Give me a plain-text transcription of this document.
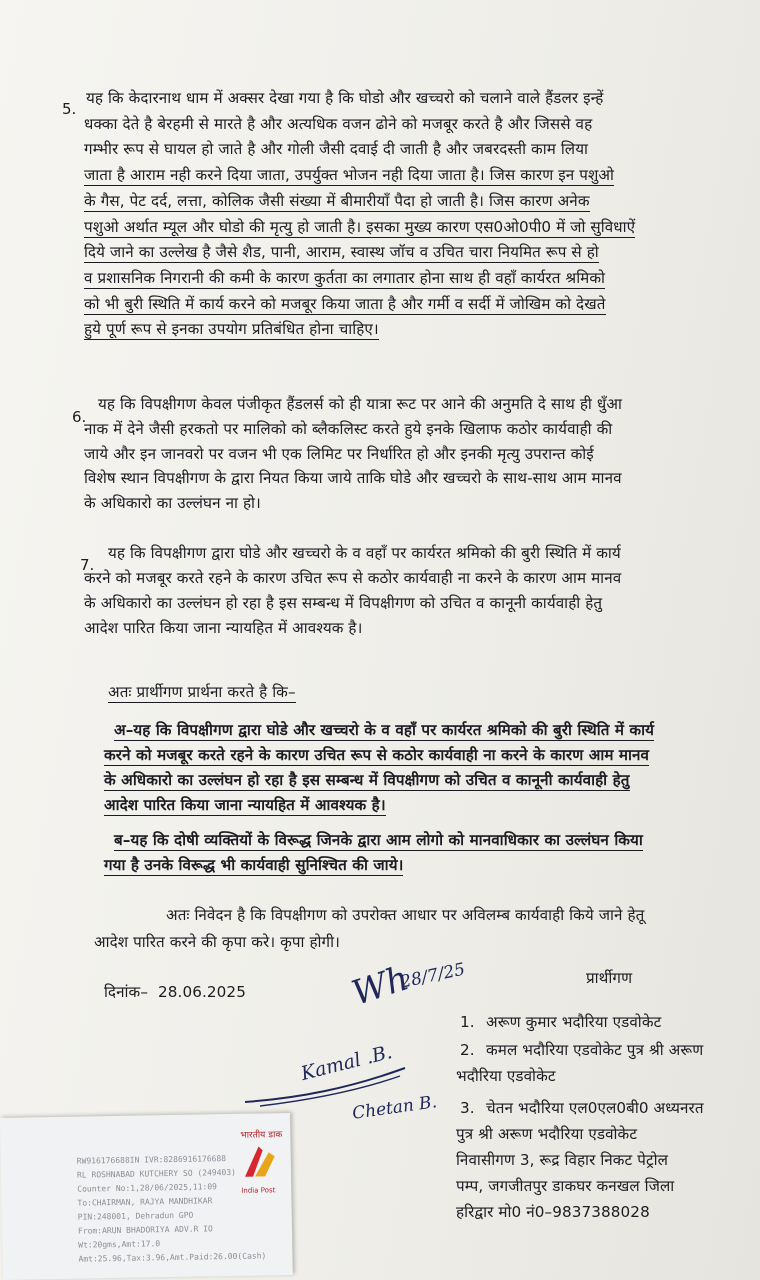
5.
यह कि केदारनाथ धाम में अक्सर देखा गया है कि घोडो और खच्चरो को चलाने वाले हैंडलर इन्हें
धक्का देते है बेरहमी से मारते है और अत्यधिक वजन ढोने को मजबूर करते है और जिससे वह
गम्भीर रूप से घायल हो जाते है और गोली जैसी दवाई दी जाती है और जबरदस्ती काम लिया
जाता है आराम नही करने दिया जाता, उपर्युक्त भोजन नही दिया जाता है। जिस कारण इन पशुओ
के गैस, पेट दर्द, लत्ता, कोलिक जैसी संख्या में बीमारीयाँ पैदा हो जाती है। जिस कारण अनेक
पशुओ अर्थात म्यूल और घोडो की मृत्यु हो जाती है। इसका मुख्य कारण एस0ओ0पी0 में जो सुविधाऐं
दिये जाने का उल्लेख है जैसे शैड, पानी, आराम, स्वास्थ जॉच व उचित चारा नियमित रूप से हो
व प्रशासनिक निगरानी की कमी के कारण कुर्तता का लगातार होना साथ ही वहॉं कार्यरत श्रमिको
को भी बुरी स्थिति में कार्य करने को मजबूर किया जाता है और गर्मी व सर्दी में जोखिम को देखते
हुये पूर्ण रूप से इनका उपयोग प्रतिबंधित होना चाहिए।
6.
यह कि विपक्षीगण केवल पंजीकृत हैंडलर्स को ही यात्रा रूट पर आने की अनुमति दे साथ ही धुँआ
नाक में देने जैसी हरकतो पर मालिको को ब्लैकलिस्ट करते हुये इनके खिलाफ कठोर कार्यवाही की
जाये और इन जानवरो पर वजन भी एक लिमिट पर निर्धारित हो और इनकी मृत्यु उपरान्त कोई
विशेष स्थान विपक्षीगण के द्वारा नियत किया जाये ताकि घोडे और खच्चरो के साथ-साथ आम मानव
के अधिकारो का उल्लंघन ना हो।
7.
यह कि विपक्षीगण द्वारा घोडे और खच्चरो के व वहॉं पर कार्यरत श्रमिको की बुरी स्थिति में कार्य
करने को मजबूर करते रहने के कारण उचित रूप से कठोर कार्यवाही ना करने के कारण आम मानव
के अधिकारो का उल्लंघन हो रहा है इस सम्बन्ध में विपक्षीगण को उचित व कानूनी कार्यवाही हेतु
आदेश पारित किया जाना न्यायहित में आवश्यक है।
अतः प्रार्थीगण प्रार्थना करते है कि–
अ–यह कि विपक्षीगण द्वारा घोडे और खच्चरो के व वहॉं पर कार्यरत श्रमिको की बुरी स्थिति में कार्य
करने को मजबूर करते रहने के कारण उचित रूप से कठोर कार्यवाही ना करने के कारण आम मानव
के अधिकारो का उल्लंघन हो रहा है इस सम्बन्ध में विपक्षीगण को उचित व कानूनी कार्यवाही हेतु
आदेश पारित किया जाना न्यायहित में आवश्यक है।
ब–यह कि दोषी व्यक्तियों के विरूद्ध जिनके द्वारा आम लोगो को मानवाधिकार का उल्लंघन किया
गया है उनके विरूद्ध भी कार्यवाही सुनिश्चित की जाये।
अतः निवेदन है कि विपक्षीगण को उपरोक्त आधार पर अविलम्ब कार्यवाही किये जाने हेतू
आदेश पारित करने की कृपा करे। कृपा होगी।
दिनांक– 28.06.2025
प्रार्थीगण
1. अरूण कुमार भदौरिया एडवोकेट
2. कमल भदौरिया एडवोकेट पुत्र श्री अरूण
भदौरिया एडवोकेट
3. चेतन भदौरिया एल0एल0बी0 अध्यनरत
पुत्र श्री अरूण भदौरिया एडवोकेट
निवासीगण 3, रूद्र विहार निकट पेट्रोल
पम्प, जगजीतपुर डाकघर कनखल जिला
हरिद्वार मो0 नं0–9837388028
Wh
28/7/25
Kamal .B.
Chetan B.
RW916176688IN IVR:8286916176688
RL ROSHNABAD KUTCHERY SO (249403)
Counter No:1,28/06/2025,11:09
To:CHAIRMAN, RAJYA MANDHIKAR
PIN:248001, Dehradun GPO
From:ARUN BHADORIYA ADV.R IO
Wt:20gms,Amt:17.0
Amt:25.96,Tax:3.96,Amt.Paid:26.00(Cash)
भारतीय डाक
India Post
